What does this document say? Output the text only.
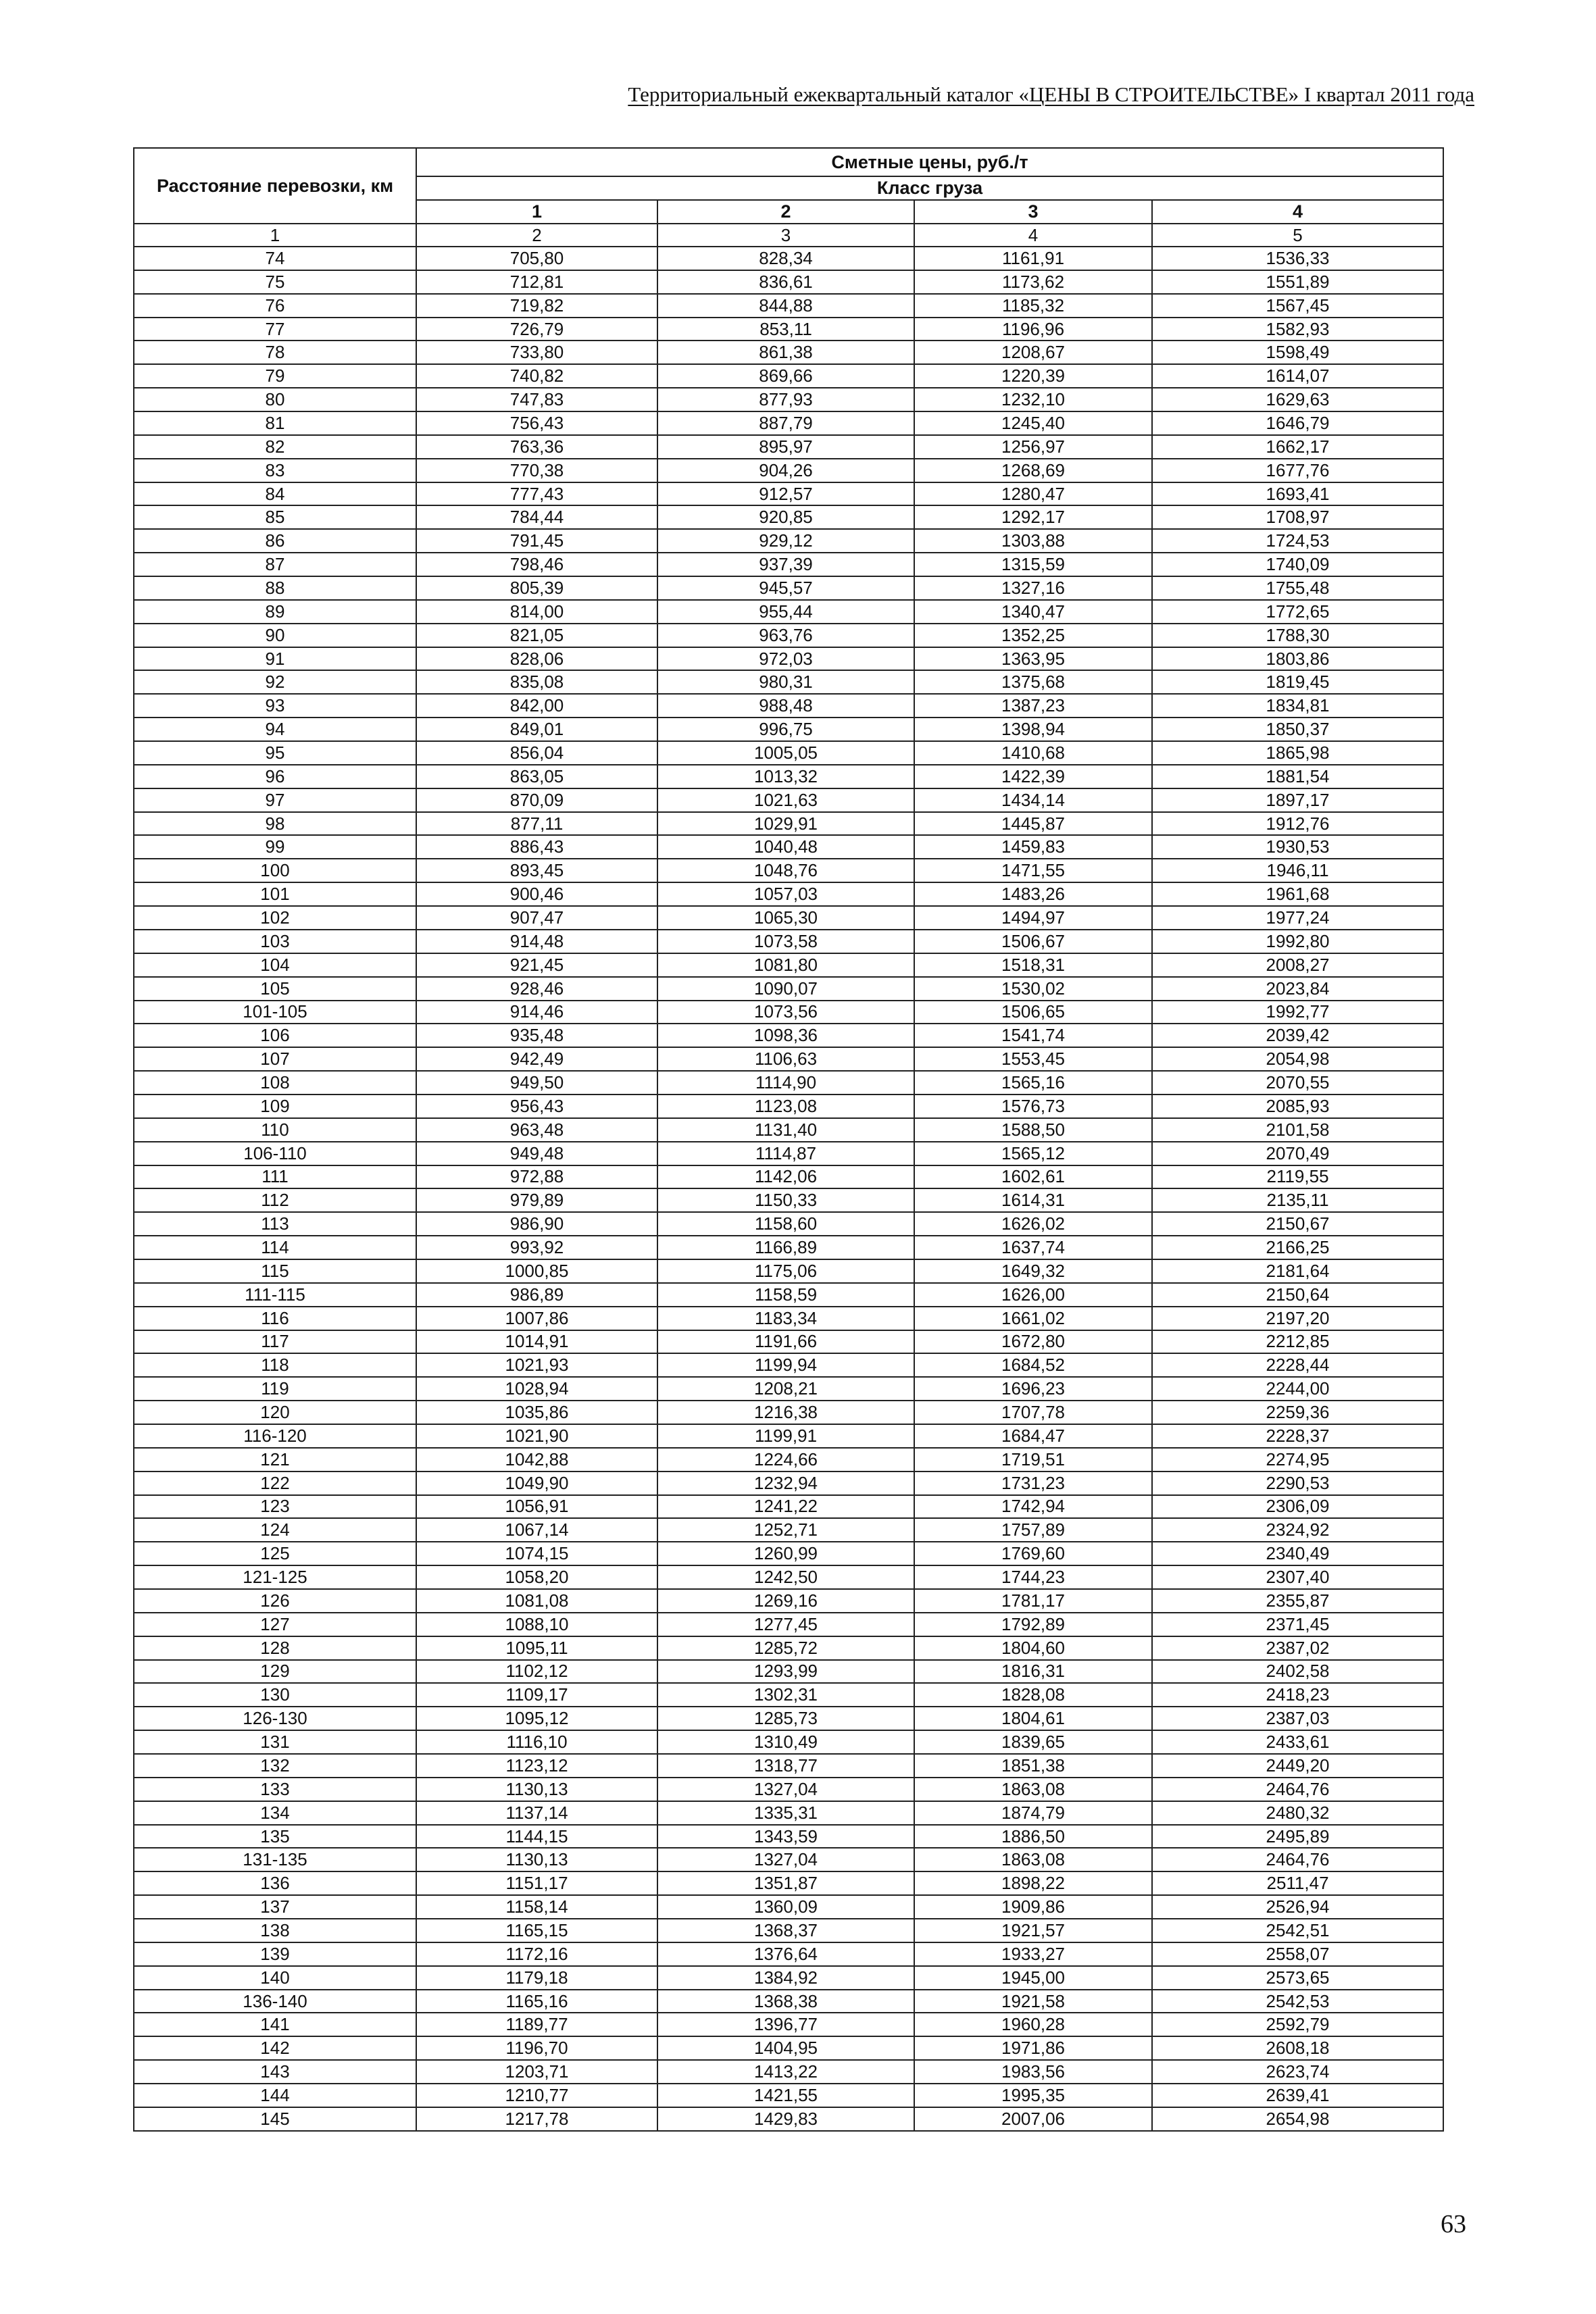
Территориальный ежеквартальный каталог «ЦЕНЫ В СТРОИТЕЛЬСТВЕ» I квартал 2011 года
Расстояние перевозки, км	Сметные цены, руб./т			
	Класс груза			
	1	2	3	4
1	2	3	4	5
74	705,80	828,34	1161,91	1536,33
75	712,81	836,61	1173,62	1551,89
76	719,82	844,88	1185,32	1567,45
77	726,79	853,11	1196,96	1582,93
78	733,80	861,38	1208,67	1598,49
79	740,82	869,66	1220,39	1614,07
80	747,83	877,93	1232,10	1629,63
81	756,43	887,79	1245,40	1646,79
82	763,36	895,97	1256,97	1662,17
83	770,38	904,26	1268,69	1677,76
84	777,43	912,57	1280,47	1693,41
85	784,44	920,85	1292,17	1708,97
86	791,45	929,12	1303,88	1724,53
87	798,46	937,39	1315,59	1740,09
88	805,39	945,57	1327,16	1755,48
89	814,00	955,44	1340,47	1772,65
90	821,05	963,76	1352,25	1788,30
91	828,06	972,03	1363,95	1803,86
92	835,08	980,31	1375,68	1819,45
93	842,00	988,48	1387,23	1834,81
94	849,01	996,75	1398,94	1850,37
95	856,04	1005,05	1410,68	1865,98
96	863,05	1013,32	1422,39	1881,54
97	870,09	1021,63	1434,14	1897,17
98	877,11	1029,91	1445,87	1912,76
99	886,43	1040,48	1459,83	1930,53
100	893,45	1048,76	1471,55	1946,11
101	900,46	1057,03	1483,26	1961,68
102	907,47	1065,30	1494,97	1977,24
103	914,48	1073,58	1506,67	1992,80
104	921,45	1081,80	1518,31	2008,27
105	928,46	1090,07	1530,02	2023,84
101-105	914,46	1073,56	1506,65	1992,77
106	935,48	1098,36	1541,74	2039,42
107	942,49	1106,63	1553,45	2054,98
108	949,50	1114,90	1565,16	2070,55
109	956,43	1123,08	1576,73	2085,93
110	963,48	1131,40	1588,50	2101,58
106-110	949,48	1114,87	1565,12	2070,49
111	972,88	1142,06	1602,61	2119,55
112	979,89	1150,33	1614,31	2135,11
113	986,90	1158,60	1626,02	2150,67
114	993,92	1166,89	1637,74	2166,25
115	1000,85	1175,06	1649,32	2181,64
111-115	986,89	1158,59	1626,00	2150,64
116	1007,86	1183,34	1661,02	2197,20
117	1014,91	1191,66	1672,80	2212,85
118	1021,93	1199,94	1684,52	2228,44
119	1028,94	1208,21	1696,23	2244,00
120	1035,86	1216,38	1707,78	2259,36
116-120	1021,90	1199,91	1684,47	2228,37
121	1042,88	1224,66	1719,51	2274,95
122	1049,90	1232,94	1731,23	2290,53
123	1056,91	1241,22	1742,94	2306,09
124	1067,14	1252,71	1757,89	2324,92
125	1074,15	1260,99	1769,60	2340,49
121-125	1058,20	1242,50	1744,23	2307,40
126	1081,08	1269,16	1781,17	2355,87
127	1088,10	1277,45	1792,89	2371,45
128	1095,11	1285,72	1804,60	2387,02
129	1102,12	1293,99	1816,31	2402,58
130	1109,17	1302,31	1828,08	2418,23
126-130	1095,12	1285,73	1804,61	2387,03
131	1116,10	1310,49	1839,65	2433,61
132	1123,12	1318,77	1851,38	2449,20
133	1130,13	1327,04	1863,08	2464,76
134	1137,14	1335,31	1874,79	2480,32
135	1144,15	1343,59	1886,50	2495,89
131-135	1130,13	1327,04	1863,08	2464,76
136	1151,17	1351,87	1898,22	2511,47
137	1158,14	1360,09	1909,86	2526,94
138	1165,15	1368,37	1921,57	2542,51
139	1172,16	1376,64	1933,27	2558,07
140	1179,18	1384,92	1945,00	2573,65
136-140	1165,16	1368,38	1921,58	2542,53
141	1189,77	1396,77	1960,28	2592,79
142	1196,70	1404,95	1971,86	2608,18
143	1203,71	1413,22	1983,56	2623,74
144	1210,77	1421,55	1995,35	2639,41
145	1217,78	1429,83	2007,06	2654,98
63
